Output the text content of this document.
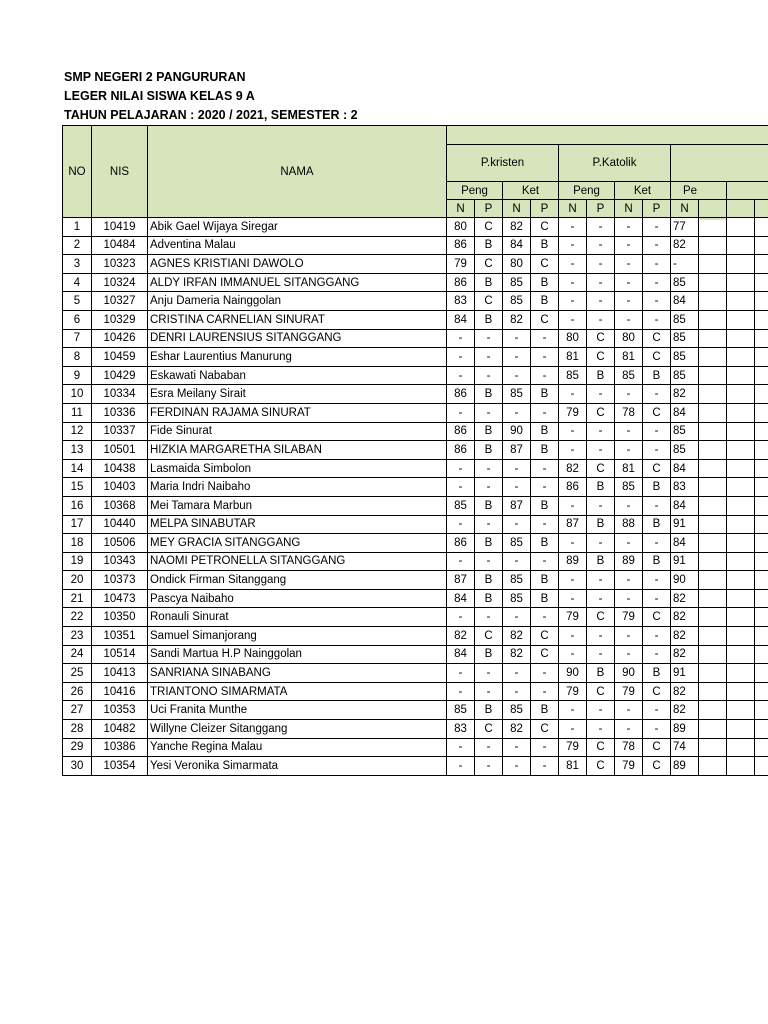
SMP NEGERI 2 PANGURURAN
LEGER NILAI SISWA KELAS 9 A
TAHUN PELAJARAN : 2020 / 2021, SEMESTER : 2
NO	NIS	NAMA												
			P.kristen				P.Katolik							
			Peng		Ket		Peng		Ket		Pe			
			N	P	N	P	N	P	N	P	N			
1	10419	Abik Gael Wijaya Siregar	80	C	82	C	-	-	-	-	77			
2	10484	Adventina Malau	86	B	84	B	-	-	-	-	82			
3	10323	AGNES KRISTIANI DAWOLO	79	C	80	C	-	-	-	-	-			
4	10324	ALDY IRFAN IMMANUEL SITANGGANG	86	B	85	B	-	-	-	-	85			
5	10327	Anju Dameria Nainggolan	83	C	85	B	-	-	-	-	84			
6	10329	CRISTINA CARNELIAN SINURAT	84	B	82	C	-	-	-	-	85			
7	10426	DENRI LAURENSIUS SITANGGANG	-	-	-	-	80	C	80	C	85			
8	10459	Eshar Laurentius Manurung	-	-	-	-	81	C	81	C	85			
9	10429	Eskawati Nababan	-	-	-	-	85	B	85	B	85			
10	10334	Esra Meilany Sirait	86	B	85	B	-	-	-	-	82			
11	10336	FERDINAN RAJAMA SINURAT	-	-	-	-	79	C	78	C	84			
12	10337	Fide Sinurat	86	B	90	B	-	-	-	-	85			
13	10501	HIZKIA MARGARETHA SILABAN	86	B	87	B	-	-	-	-	85			
14	10438	Lasmaida Simbolon	-	-	-	-	82	C	81	C	84			
15	10403	Maria Indri Naibaho	-	-	-	-	86	B	85	B	83			
16	10368	Mei Tamara Marbun	85	B	87	B	-	-	-	-	84			
17	10440	MELPA SINABUTAR	-	-	-	-	87	B	88	B	91			
18	10506	MEY GRACIA SITANGGANG	86	B	85	B	-	-	-	-	84			
19	10343	NAOMI PETRONELLA SITANGGANG	-	-	-	-	89	B	89	B	91			
20	10373	Ondick Firman Sitanggang	87	B	85	B	-	-	-	-	90			
21	10473	Pascya Naibaho	84	B	85	B	-	-	-	-	82			
22	10350	Ronauli Sinurat	-	-	-	-	79	C	79	C	82			
23	10351	Samuel Simanjorang	82	C	82	C	-	-	-	-	82			
24	10514	Sandi Martua H.P Nainggolan	84	B	82	C	-	-	-	-	82			
25	10413	SANRIANA SINABANG	-	-	-	-	90	B	90	B	91			
26	10416	TRIANTONO SIMARMATA	-	-	-	-	79	C	79	C	82			
27	10353	Uci Franita Munthe	85	B	85	B	-	-	-	-	82			
28	10482	Willyne Cleizer Sitanggang	83	C	82	C	-	-	-	-	89			
29	10386	Yanche Regina Malau	-	-	-	-	79	C	78	C	74			
30	10354	Yesi Veronika Simarmata	-	-	-	-	81	C	79	C	89			
